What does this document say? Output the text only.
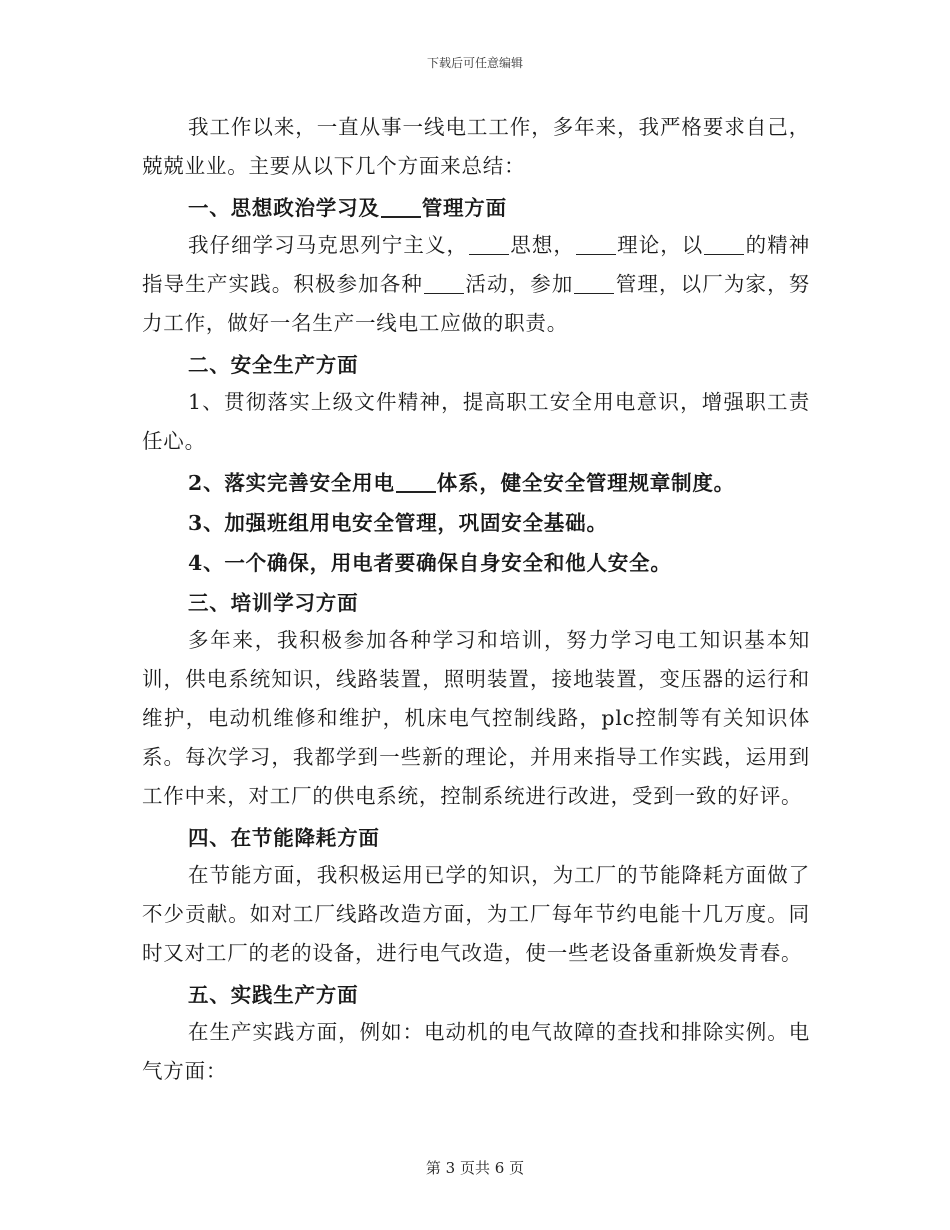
下载后可任意编辑

我工作以来，一直从事一线电工工作，多年来，我严格要求自己，兢兢业业。主要从以下几个方面来总结：

一、思想政治学习及 管理方面

我仔细学习马克思列宁主义， 思想， 理论，以 的精神指导生产实践。积极参加各种 活动，参加 管理，以厂为家，努力工作，做好一名生产一线电工应做的职责。

二、安全生产方面

1、贯彻落实上级文件精神，提高职工安全用电意识，增强职工责任心。

2、落实完善安全用电 体系，健全安全管理规章制度。

3、加强班组用电安全管理，巩固安全基础。

4、一个确保，用电者要确保自身安全和他人安全。

三、培训学习方面

多年来，我积极参加各种学习和培训，努力学习电工知识基本知训，供电系统知识，线路装置，照明装置，接地装置，变压器的运行和维护，电动机维修和维护，机床电气控制线路，plc控制等有关知识体系。每次学习，我都学到一些新的理论，并用来指导工作实践，运用到工作中来，对工厂的供电系统，控制系统进行改进，受到一致的好评。

四、在节能降耗方面

在节能方面，我积极运用已学的知识，为工厂的节能降耗方面做了不少贡献。如对工厂线路改造方面，为工厂每年节约电能十几万度。同时又对工厂的老的设备，进行电气改造，使一些老设备重新焕发青春。

五、实践生产方面

在生产实践方面，例如：电动机的电气故障的查找和排除实例。电气方面：

第 3 页共 6 页
